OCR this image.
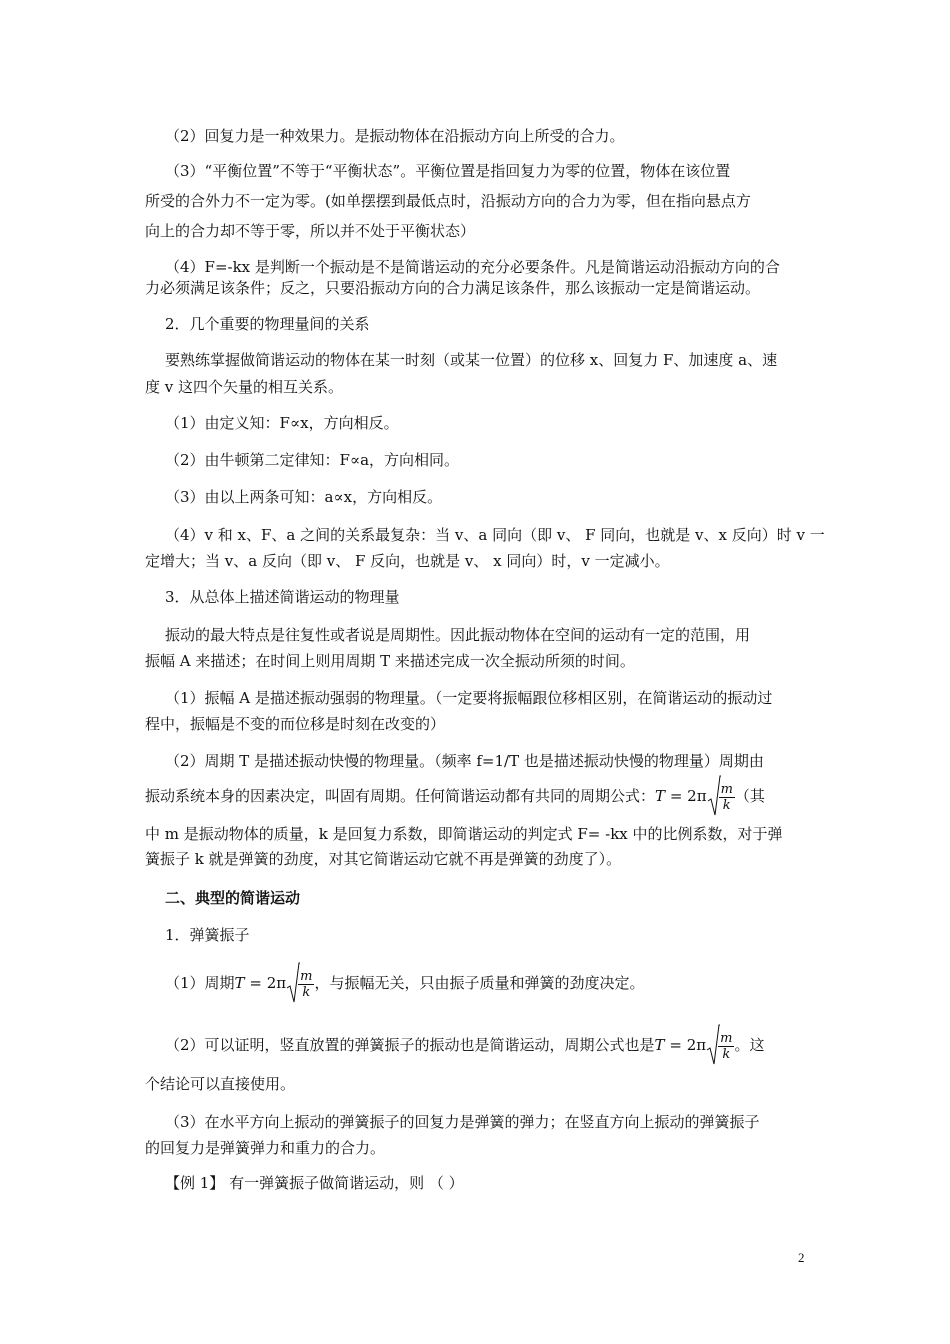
（2）回复力是一种效果力。是振动物体在沿振动方向上所受的合力。

（3）“平衡位置”不等于“平衡状态”。平衡位置是指回复力为零的位置，物体在该位置

所受的合外力不一定为零。(如单摆摆到最低点时，沿振动方向的合力为零，但在指向悬点方

向上的合力却不等于零，所以并不处于平衡状态）

（4）F=-kx 是判断一个振动是不是简谐运动的充分必要条件。凡是简谐运动沿振动方向的合

力必须满足该条件；反之，只要沿振动方向的合力满足该条件，那么该振动一定是简谐运动。

2．几个重要的物理量间的关系

要熟练掌握做简谐运动的物体在某一时刻（或某一位置）的位移 x、回复力 F、加速度 a、速

度 v 这四个矢量的相互关系。

（1）由定义知：F∝x，方向相反。

（2）由牛顿第二定律知：F∝a，方向相同。

（3）由以上两条可知：a∝x，方向相反。

（4）v 和 x、F、a 之间的关系最复杂：当 v、a 同向（即 v、 F 同向，也就是 v、x 反向）时 v 一

定增大；当 v、a 反向（即 v、 F 反向，也就是 v、 x 同向）时，v 一定减小。

3．从总体上描述简谐运动的物理量

振动的最大特点是往复性或者说是周期性。因此振动物体在空间的运动有一定的范围，用

振幅 A 来描述；在时间上则用周期 T 来描述完成一次全振动所须的时间。

（1）振幅 A 是描述振动强弱的物理量。（一定要将振幅跟位移相区别，在简谐运动的振动过

程中，振幅是不变的而位移是时刻在改变的）

（2）周期 T 是描述振动快慢的物理量。（频率 f=1/T 也是描述振动快慢的物理量）周期由

振动系统本身的因素决定，叫固有周期。任何简谐运动都有共同的周期公式：$T = 2\pi \frac{m}{k}$ （其

中 m 是振动物体的质量，k 是回复力系数，即简谐运动的判定式 F= -kx 中的比例系数，对于弹

簧振子 k 就是弹簧的劲度，对其它简谐运动它就不再是弹簧的劲度了）。

二、典型的简谐运动

1．弹簧振子

（1）周期$T = 2\pi \frac{m}{k}$ ，与振幅无关，只由振子质量和弹簧的劲度决定。

（2）可以证明，竖直放置的弹簧振子的振动也是简谐运动，周期公式也是$T = 2\pi \frac{m}{k}$ 。这

个结论可以直接使用。

（3）在水平方向上振动的弹簧振子的回复力是弹簧的弹力；在竖直方向上振动的弹簧振子

的回复力是弹簧弹力和重力的合力。

【例 1】 有一弹簧振子做简谐运动，则 （ ）

2
